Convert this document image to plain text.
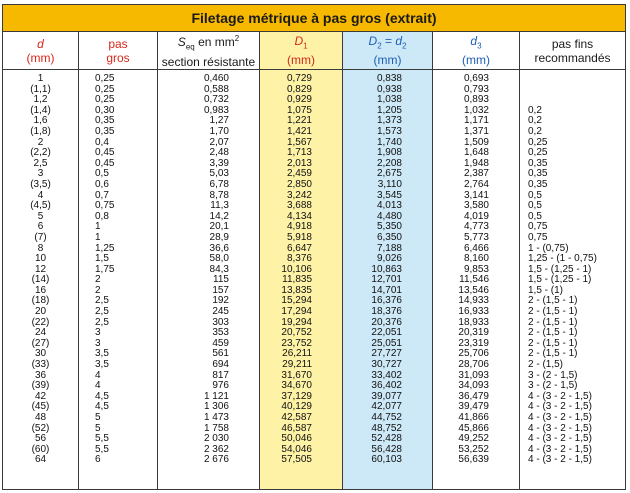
Filetage métrique à pas gros (extrait)
d
(mm)
1
(1,1)
1,2
(1,4)
1,6
(1,8)
2
(2,2)
2,5
3
(3,5)
4
(4,5)
5
6
(7)
8
10
12
(14)
16
(18)
20
(22)
24
(27)
30
(33)
36
(39)
42
(45)
48
(52)
56
(60)
64
pas
gros
0,25
0,25
0,25
0,30
0,35
0,35
0,4
0,45
0,45
0,5
0,6
0,7
0,75
0,8
1
1
1,25
1,5
1,75
2
2
2,5
2,5
2,5
3
3
3,5
3,5
4
4
4,5
4,5
5
5
5,5
5,5
6
$S_{eq}$ en $mm^2$
section résistante
0,460
0,588
0,732
0,983
1,27
1,70
2,07
2,48
3,39
5,03
6,78
8,78
11,3
14,2
20,1
28,9
36,6
58,0
84,3
115
157
192
245
303
353
459
561
694
817
976
1 121
1 306
1 473
1 758
2 030
2 362
2 676
$D_1$
(mm)
0,729
0,829
0,929
1,075
1,221
1,421
1,567
1,713
2,013
2,459
2,850
3,242
3,688
4,134
4,918
5,918
6,647
8,376
10,106
11,835
13,835
15,294
17,294
19,294
20,752
23,752
26,211
29,211
31,670
34,670
37,129
40,129
42,587
46,587
50,046
54,046
57,505
$D_2 = d_2$
(mm)
0,838
0,938
1,038
1,205
1,373
1,573
1,740
1,908
2,208
2,675
3,110
3,545
4,013
4,480
5,350
6,350
7,188
9,026
10,863
12,701
14,701
16,376
18,376
20,376
22,051
25,051
27,727
30,727
33,402
36,402
39,077
42,077
44,752
48,752
52,428
56,428
60,103
$d_3$
(mm)
0,693
0,793
0,893
1,032
1,171
1,371
1,509
1,648
1,948
2,387
2,764
3,141
3,580
4,019
4,773
5,773
6,466
8,160
9,853
11,546
13,546
14,933
16,933
18,933
20,319
23,319
25,706
28,706
31,093
34,093
36,479
39,479
41,866
45,866
49,252
53,252
56,639
pas fins
recommandés
0,2
0,2
0,2
0,25
0,25
0,35
0,35
0,35
0,5
0,5
0,5
0,75
0,75
1 - (0,75)
1,25 - (1 - 0,75)
1,5 - (1,25 - 1)
1,5 - (1,25 - 1)
1,5 - (1)
2 - (1,5 - 1)
2 - (1,5 - 1)
2 - (1,5 - 1)
2 - (1,5 - 1)
2 - (1,5 - 1)
2 - (1,5 - 1)
2 - (1,5)
3 - (2 - 1,5)
3 - (2 - 1,5)
4 - (3 - 2 - 1,5)
4 - (3 - 2 - 1,5)
4 - (3 - 2 - 1,5)
4 - (3 - 2 - 1,5)
4 - (3 - 2 - 1,5)
4 - (3 - 2 - 1,5)
4 - (3 - 2 - 1,5)
